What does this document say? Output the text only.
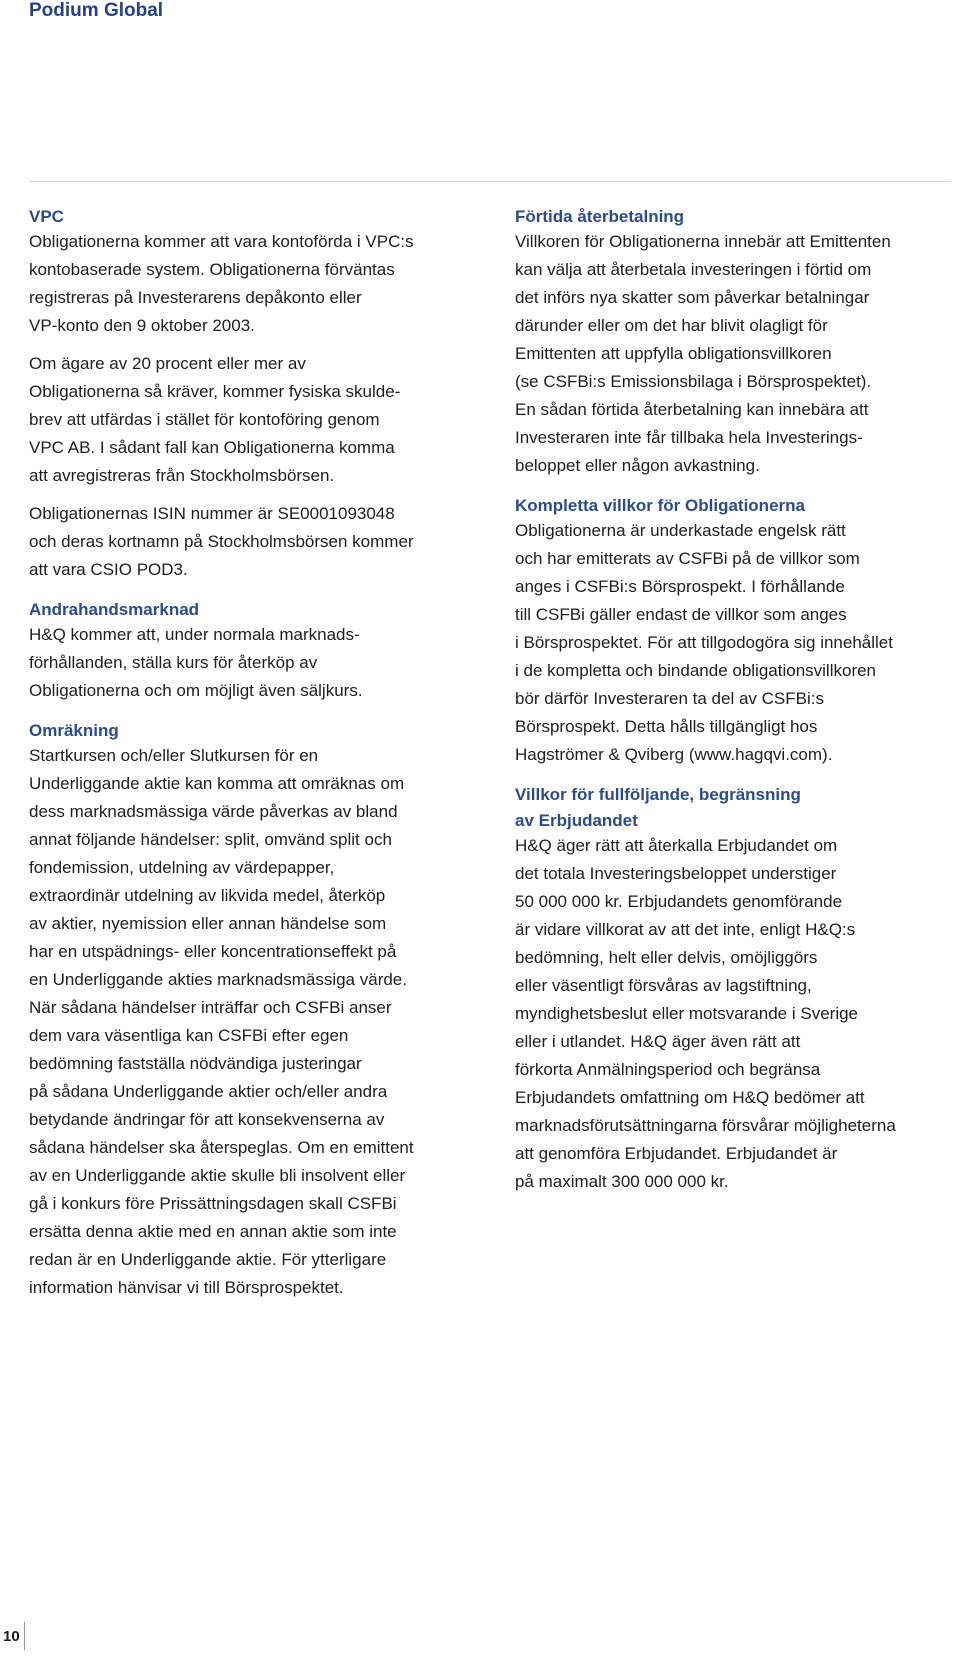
Podium Global
VPC
Obligationerna kommer att vara kontoförda i VPC:s
kontobaserade system. Obligationerna förväntas
registreras på Investerarens depåkonto eller
VP-konto den 9 oktober 2003.
Om ägare av 20 procent eller mer av
Obligationerna så kräver, kommer fysiska skulde-
brev att utfärdas i stället för kontoföring genom
VPC AB. I sådant fall kan Obligationerna komma
att avregistreras från Stockholmsbörsen.
Obligationernas ISIN nummer är SE0001093048
och deras kortnamn på Stockholmsbörsen kommer
att vara CSIO POD3.
Andrahandsmarknad
H&Q kommer att, under normala marknads-
förhållanden, ställa kurs för återköp av
Obligationerna och om möjligt även säljkurs.
Omräkning
Startkursen och/eller Slutkursen för en
Underliggande aktie kan komma att omräknas om
dess marknadsmässiga värde påverkas av bland
annat följande händelser: split, omvänd split och
fondemission, utdelning av värdepapper,
extraordinär utdelning av likvida medel, återköp
av aktier, nyemission eller annan händelse som
har en utspädnings- eller koncentrationseffekt på
en Underliggande akties marknadsmässiga värde.
När sådana händelser inträffar och CSFBi anser
dem vara väsentliga kan CSFBi efter egen
bedömning fastställa nödvändiga justeringar
på sådana Underliggande aktier och/eller andra
betydande ändringar för att konsekvenserna av
sådana händelser ska återspeglas. Om en emittent
av en Underliggande aktie skulle bli insolvent eller
gå i konkurs före Prissättningsdagen skall CSFBi
ersätta denna aktie med en annan aktie som inte
redan är en Underliggande aktie. För ytterligare
information hänvisar vi till Börsprospektet.
Förtida återbetalning
Villkoren för Obligationerna innebär att Emittenten
kan välja att återbetala investeringen i förtid om
det införs nya skatter som påverkar betalningar
därunder eller om det har blivit olagligt för
Emittenten att uppfylla obligationsvillkoren
(se CSFBi:s Emissionsbilaga i Börsprospektet).
En sådan förtida återbetalning kan innebära att
Investeraren inte får tillbaka hela Investerings-
beloppet eller någon avkastning.
Kompletta villkor för Obligationerna
Obligationerna är underkastade engelsk rätt
och har emitterats av CSFBi på de villkor som
anges i CSFBi:s Börsprospekt. I förhållande
till CSFBi gäller endast de villkor som anges
i Börsprospektet. För att tillgodogöra sig innehållet
i de kompletta och bindande obligationsvillkoren
bör därför Investeraren ta del av CSFBi:s
Börsprospekt. Detta hålls tillgängligt hos
Hagströmer & Qviberg (www.hagqvi.com).
Villkor för fullföljande, begränsning
av Erbjudandet
H&Q äger rätt att återkalla Erbjudandet om
det totala Investeringsbeloppet understiger
50 000 000 kr. Erbjudandets genomförande
är vidare villkorat av att det inte, enligt H&Q:s
bedömning, helt eller delvis, omöjliggörs
eller väsentligt försvåras av lagstiftning,
myndighetsbeslut eller motsvarande i Sverige
eller i utlandet. H&Q äger även rätt att
förkorta Anmälningsperiod och begränsa
Erbjudandets omfattning om H&Q bedömer att
marknadsförutsättningarna försvårar möjligheterna
att genomföra Erbjudandet. Erbjudandet är
på maximalt 300 000 000 kr.
10
